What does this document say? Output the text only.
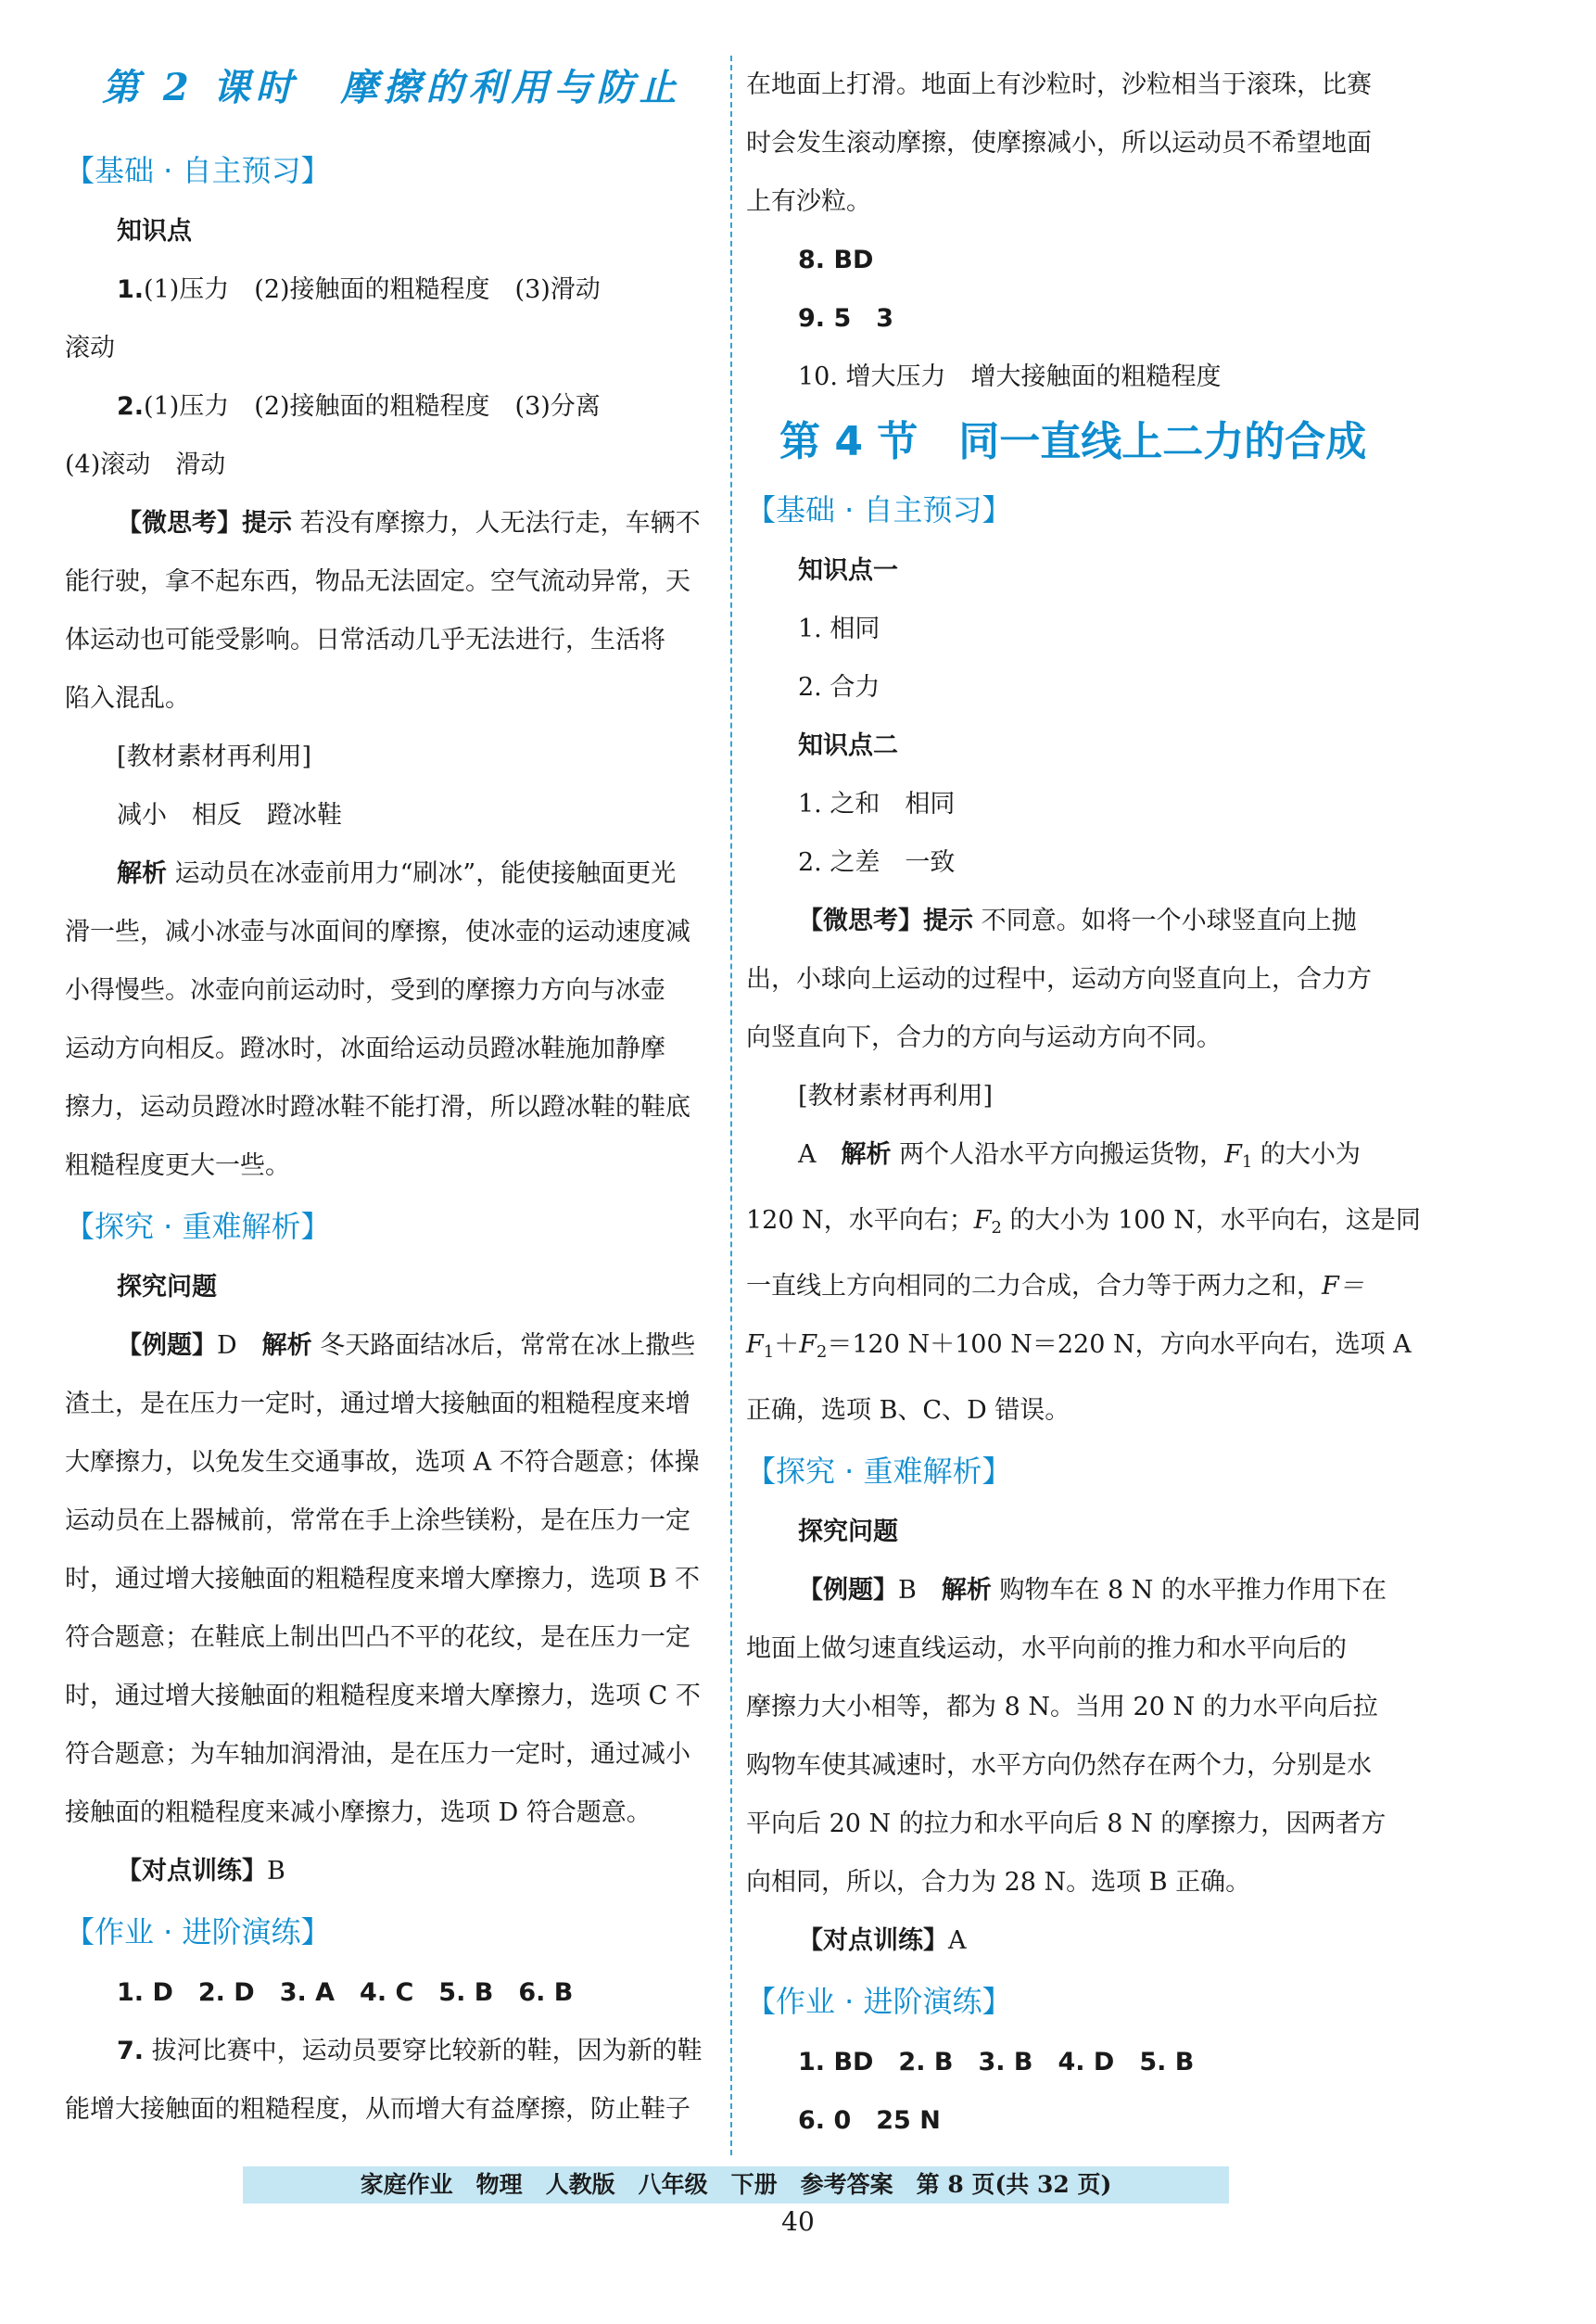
第 2 课时　摩擦的利用与防止
【基础 · 自主预习】
知识点
1.(1)压力　(2)接触面的粗糙程度　(3)滑动
滚动
2.(1)压力　(2)接触面的粗糙程度　(3)分离
(4)滚动　滑动
【微思考】提示 若没有摩擦力，人无法行走，车辆不
能行驶，拿不起东西，物品无法固定。空气流动异常，天
体运动也可能受影响。日常活动几乎无法进行，生活将
陷入混乱。
[教材素材再利用]
减小　相反　蹬冰鞋
解析 运动员在冰壶前用力“刷冰”，能使接触面更光
滑一些，减小冰壶与冰面间的摩擦，使冰壶的运动速度减
小得慢些。冰壶向前运动时，受到的摩擦力方向与冰壶
运动方向相反。蹬冰时，冰面给运动员蹬冰鞋施加静摩
擦力，运动员蹬冰时蹬冰鞋不能打滑，所以蹬冰鞋的鞋底
粗糙程度更大一些。
【探究 · 重难解析】
探究问题
【例题】D　解析 冬天路面结冰后，常常在冰上撒些
渣土，是在压力一定时，通过增大接触面的粗糙程度来增
大摩擦力，以免发生交通事故，选项 A 不符合题意；体操
运动员在上器械前，常常在手上涂些镁粉，是在压力一定
时，通过增大接触面的粗糙程度来增大摩擦力，选项 B 不
符合题意；在鞋底上制出凹凸不平的花纹，是在压力一定
时，通过增大接触面的粗糙程度来增大摩擦力，选项 C 不
符合题意；为车轴加润滑油，是在压力一定时，通过减小
接触面的粗糙程度来减小摩擦力，选项 D 符合题意。
【对点训练】B
【作业 · 进阶演练】
1. D　2. D　3. A　4. C　5. B　6. B
7. 拔河比赛中，运动员要穿比较新的鞋，因为新的鞋
能增大接触面的粗糙程度，从而增大有益摩擦，防止鞋子
在地面上打滑。地面上有沙粒时，沙粒相当于滚珠，比赛
时会发生滚动摩擦，使摩擦减小，所以运动员不希望地面
上有沙粒。
8. BD
9. 5　3
10. 增大压力　增大接触面的粗糙程度
第 4 节　同一直线上二力的合成
【基础 · 自主预习】
知识点一
1. 相同
2. 合力
知识点二
1. 之和　相同
2. 之差　一致
【微思考】提示 不同意。如将一个小球竖直向上抛
出，小球向上运动的过程中，运动方向竖直向上，合力方
向竖直向下，合力的方向与运动方向不同。
[教材素材再利用]
A　解析 两个人沿水平方向搬运货物，$F_1$ 的大小为
120 N，水平向右；$F_2$ 的大小为 100 N，水平向右，这是同
一直线上方向相同的二力合成，合力等于两力之和，F＝
$F_1+F_2=120$ N＋100 N＝220 N，方向水平向右，选项 A
正确，选项 B、C、D 错误。
【探究 · 重难解析】
探究问题
【例题】B　解析 购物车在 8 N 的水平推力作用下在
地面上做匀速直线运动，水平向前的推力和水平向后的
摩擦力大小相等，都为 8 N。当用 20 N 的力水平向后拉
购物车使其减速时，水平方向仍然存在两个力，分别是水
平向后 20 N 的拉力和水平向后 8 N 的摩擦力，因两者方
向相同，所以，合力为 28 N。选项 B 正确。
【对点训练】A
【作业 · 进阶演练】
1. BD　2. B　3. B　4. D　5. B
6. 0　25 N
家庭作业　物理　人教版　八年级　下册　参考答案　第 8 页(共 32 页)
40
